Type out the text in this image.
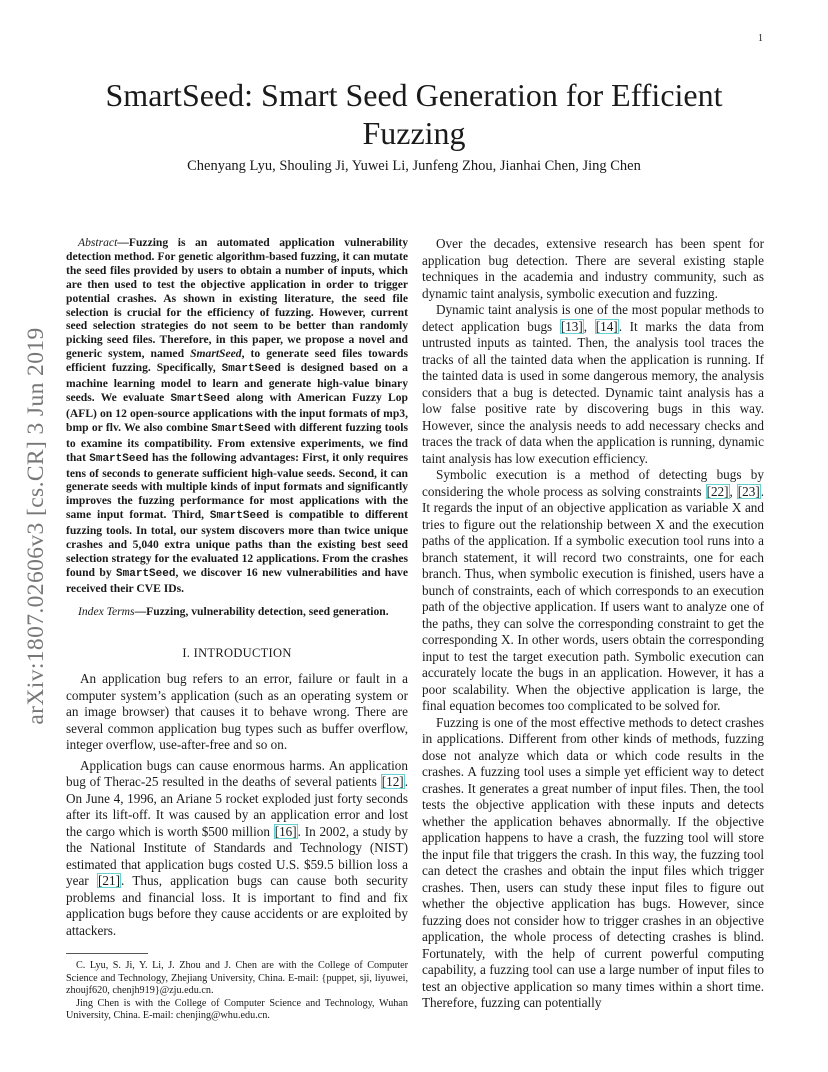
1
arXiv:1807.02606v3 [cs.CR] 3 Jun 2019
SmartSeed: Smart Seed Generation for Efficient Fuzzing
Chenyang Lyu, Shouling Ji, Yuwei Li, Junfeng Zhou, Jianhai Chen, Jing Chen

Abstract—Fuzzing is an automated application vulnerability detection method. For genetic algorithm-based fuzzing, it can mutate the seed files provided by users to obtain a number of inputs, which are then used to test the objective application in order to trigger potential crashes. As shown in existing literature, the seed file selection is crucial for the efficiency of fuzzing. However, current seed selection strategies do not seem to be better than randomly picking seed files. Therefore, in this paper, we propose a novel and generic system, named SmartSeed, to generate seed files towards efficient fuzzing. Specifically, SmartSeed is designed based on a machine learning model to learn and generate high-value binary seeds. We evaluate SmartSeed along with American Fuzzy Lop (AFL) on 12 open-source applications with the input formats of mp3, bmp or flv. We also combine SmartSeed with different fuzzing tools to examine its compatibility. From extensive experiments, we find that SmartSeed has the following advantages: First, it only requires tens of seconds to generate sufficient high-value seeds. Second, it can generate seeds with multiple kinds of input formats and significantly improves the fuzzing performance for most applications with the same input format. Third, SmartSeed is compatible to different fuzzing tools. In total, our system discovers more than twice unique crashes and 5,040 extra unique paths than the existing best seed selection strategy for the evaluated 12 applications. From the crashes found by SmartSeed, we discover 16 new vulnerabilities and have received their CVE IDs.

Index Terms—Fuzzing, vulnerability detection, seed generation.

I. INTRODUCTION

An application bug refers to an error, failure or fault in a computer system’s application (such as an operating system or an image browser) that causes it to behave wrong. There are several common application bug types such as buffer overflow, integer overflow, use-after-free and so on.

Application bugs can cause enormous harms. An application bug of Therac-25 resulted in the deaths of several patients [12]. On June 4, 1996, an Ariane 5 rocket exploded just forty seconds after its lift-off. It was caused by an application error and lost the cargo which is worth $500 million [16]. In 2002, a study by the National Institute of Standards and Technology (NIST) estimated that application bugs costed U.S. $59.5 billion loss a year [21]. Thus, application bugs can cause both security problems and financial loss. It is important to find and fix application bugs before they cause accidents or are exploited by attackers.

C. Lyu, S. Ji, Y. Li, J. Zhou and J. Chen are with the College of Computer Science and Technology, Zhejiang University, China. E-mail: {puppet, sji, liyuwei, zhoujf620, chenjh919}@zju.edu.cn.

Jing Chen is with the College of Computer Science and Technology, Wuhan University, China. E-mail: chenjing@whu.edu.cn.

Over the decades, extensive research has been spent for application bug detection. There are several existing staple techniques in the academia and industry community, such as dynamic taint analysis, symbolic execution and fuzzing.

Dynamic taint analysis is one of the most popular methods to detect application bugs [13], [14]. It marks the data from untrusted inputs as tainted. Then, the analysis tool traces the tracks of all the tainted data when the application is running. If the tainted data is used in some dangerous memory, the analysis considers that a bug is detected. Dynamic taint analysis has a low false positive rate by discovering bugs in this way. However, since the analysis needs to add necessary checks and traces the track of data when the application is running, dynamic taint analysis has low execution efficiency.

Symbolic execution is a method of detecting bugs by considering the whole process as solving constraints [22], [23]. It regards the input of an objective application as variable X and tries to figure out the relationship between X and the execution paths of the application. If a symbolic execution tool runs into a branch statement, it will record two constraints, one for each branch. Thus, when symbolic execution is finished, users have a bunch of constraints, each of which corresponds to an execution path of the objective application. If users want to analyze one of the paths, they can solve the corresponding constraint to get the corresponding X. In other words, users obtain the corresponding input to test the target execution path. Symbolic execution can accurately locate the bugs in an application. However, it has a poor scalability. When the objective application is large, the final equation becomes too complicated to be solved for.

Fuzzing is one of the most effective methods to detect crashes in applications. Different from other kinds of methods, fuzzing dose not analyze which data or which code results in the crashes. A fuzzing tool uses a simple yet efficient way to detect crashes. It generates a great number of input files. Then, the tool tests the objective application with these inputs and detects whether the application behaves abnormally. If the objective application happens to have a crash, the fuzzing tool will store the input file that triggers the crash. In this way, the fuzzing tool can detect the crashes and obtain the input files which trigger crashes. Then, users can study these input files to figure out whether the objective application has bugs. However, since fuzzing does not consider how to trigger crashes in an objective application, the whole process of detecting crashes is blind. Fortunately, with the help of current powerful computing capability, a fuzzing tool can use a large number of input files to test an objective application so many times within a short time. Therefore, fuzzing can potentially
